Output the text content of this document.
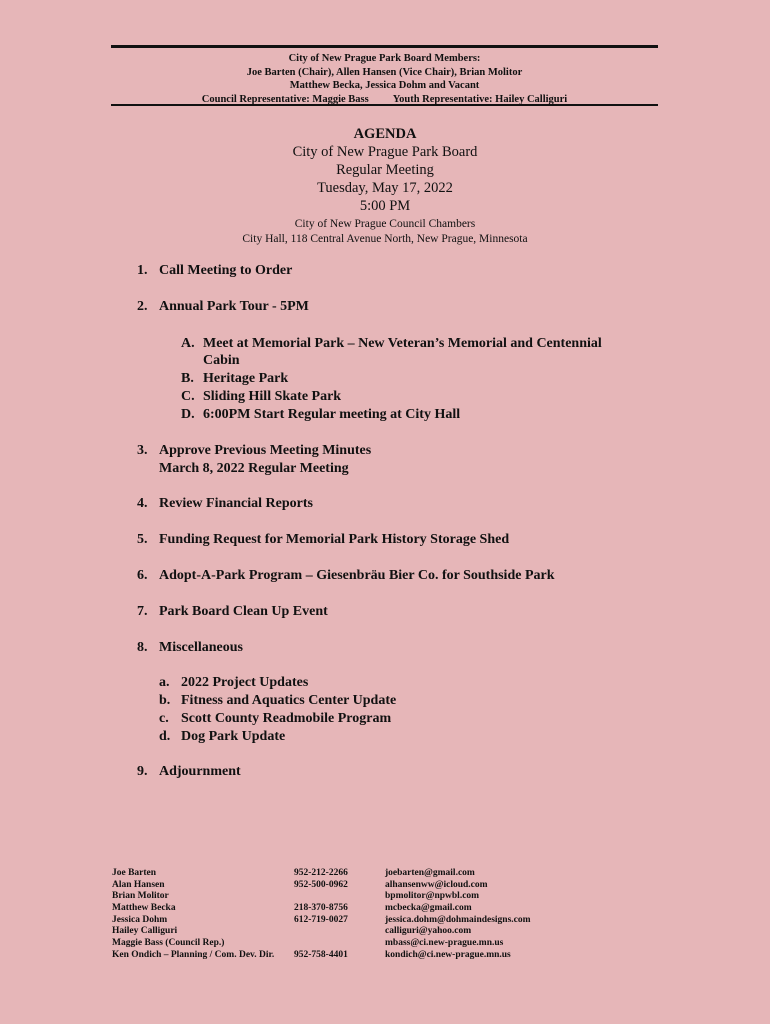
City of New Prague Park Board Members:
Joe Barten (Chair), Allen Hansen (Vice Chair), Brian Molitor
Matthew Becka, Jessica Dohm and Vacant
Council Representative: Maggie Bass Youth Representative: Hailey Calliguri
AGENDA
City of New Prague Park Board
Regular Meeting
Tuesday, May 17, 2022
5:00 PM
City of New Prague Council Chambers
City Hall, 118 Central Avenue North, New Prague, Minnesota
1. Call Meeting to Order
2. Annual Park Tour - 5PM
A. Meet at Memorial Park – New Veteran’s Memorial and Centennial
Cabin
B. Heritage Park
C. Sliding Hill Skate Park
D. 6:00PM Start Regular meeting at City Hall
3. Approve Previous Meeting Minutes
March 8, 2022 Regular Meeting
4. Review Financial Reports
5. Funding Request for Memorial Park History Storage Shed
6. Adopt-A-Park Program – Giesenbräu Bier Co. for Southside Park
7. Park Board Clean Up Event
8. Miscellaneous
a. 2022 Project Updates
b. Fitness and Aquatics Center Update
c. Scott County Readmobile Program
d. Dog Park Update
9. Adjournment
Joe Barten
Alan Hansen
Brian Molitor
Matthew Becka
Jessica Dohm
Hailey Calliguri
Maggie Bass (Council Rep.)
Ken Ondich – Planning / Com. Dev. Dir.
952-212-2266
952-500-0962
218-370-8756
612-719-0027
952-758-4401
joebarten@gmail.com
alhansenww@icloud.com
bpmolitor@npwbl.com
mcbecka@gmail.com
jessica.dohm@dohmaindesigns.com
calliguri@yahoo.com
mbass@ci.new-prague.mn.us
kondich@ci.new-prague.mn.us
